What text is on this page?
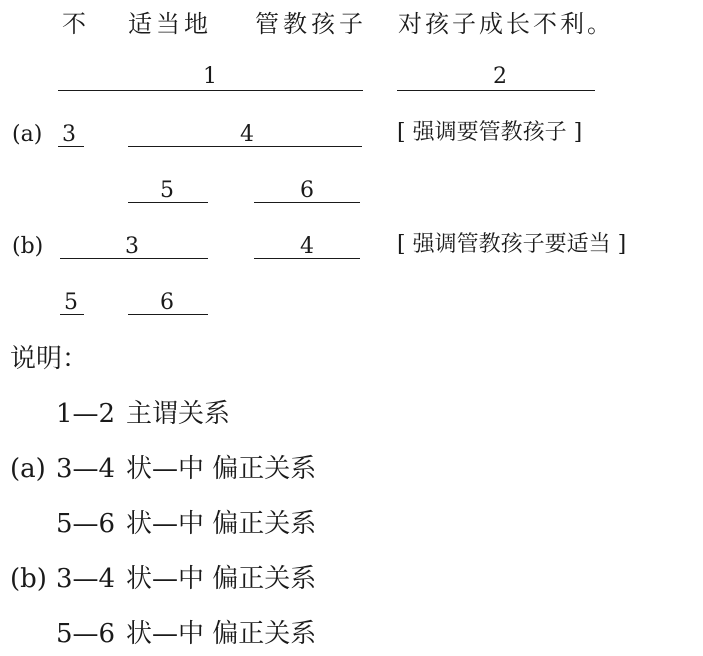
不 适当地 管教孩子 对孩子成长不利。
1	2
(a) 3	4	[ 强调要管教孩子 ]
5	6
(b)	3	4	[ 强调管教孩子要适当 ]
5	6
说明：
1—2 主谓关系
(a) 3—4 状—中 偏正关系
5—6 状—中 偏正关系
(b) 3—4 状—中 偏正关系
5—6 状—中 偏正关系
